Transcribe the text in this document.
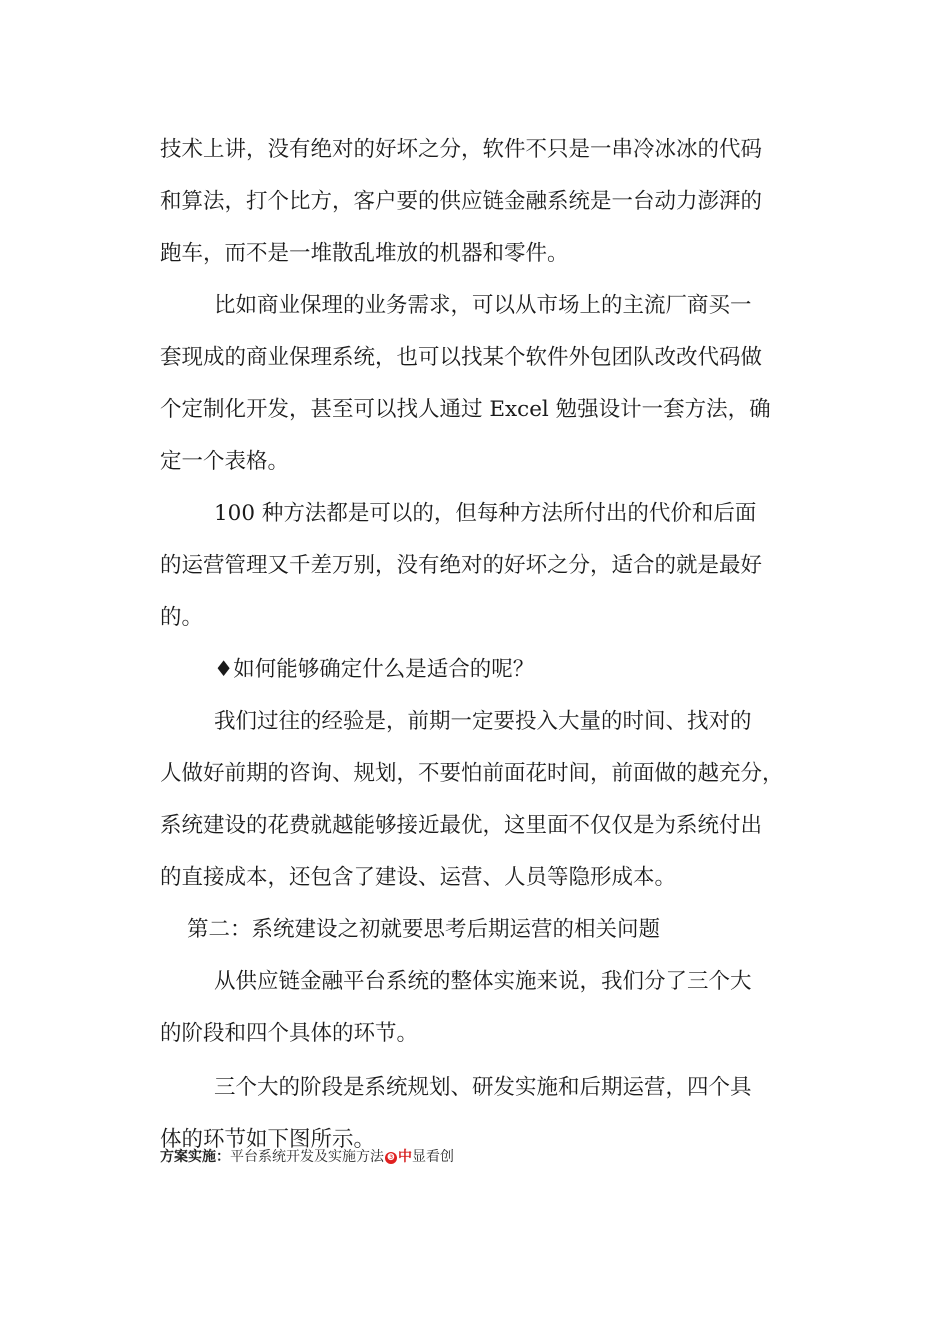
技术上讲，没有绝对的好坏之分，软件不只是一串冷冰冰的代码
和算法，打个比方，客户要的供应链金融系统是一台动力澎湃的
跑车，而不是一堆散乱堆放的机器和零件。
比如商业保理的业务需求，可以从市场上的主流厂商买一
套现成的商业保理系统，也可以找某个软件外包团队改改代码做
个定制化开发，甚至可以找人通过 Excel 勉强设计一套方法，确
定一个表格。
100 种方法都是可以的，但每种方法所付出的代价和后面
的运营管理又千差万别，没有绝对的好坏之分，适合的就是最好
的。
♦如何能够确定什么是适合的呢？
我们过往的经验是，前期一定要投入大量的时间、找对的
人做好前期的咨询、规划，不要怕前面花时间，前面做的越充分，
系统建设的花费就越能够接近最优，这里面不仅仅是为系统付出
的直接成本，还包含了建设、运营、人员等隐形成本。
第二：系统建设之初就要思考后期运营的相关问题
从供应链金融平台系统的整体实施来说，我们分了三个大
的阶段和四个具体的环节。
三个大的阶段是系统规划、研发实施和后期运营，四个具
体的环节如下图所示。
方案实施：平台系统开发及实施方法 ❸ 中显看创
